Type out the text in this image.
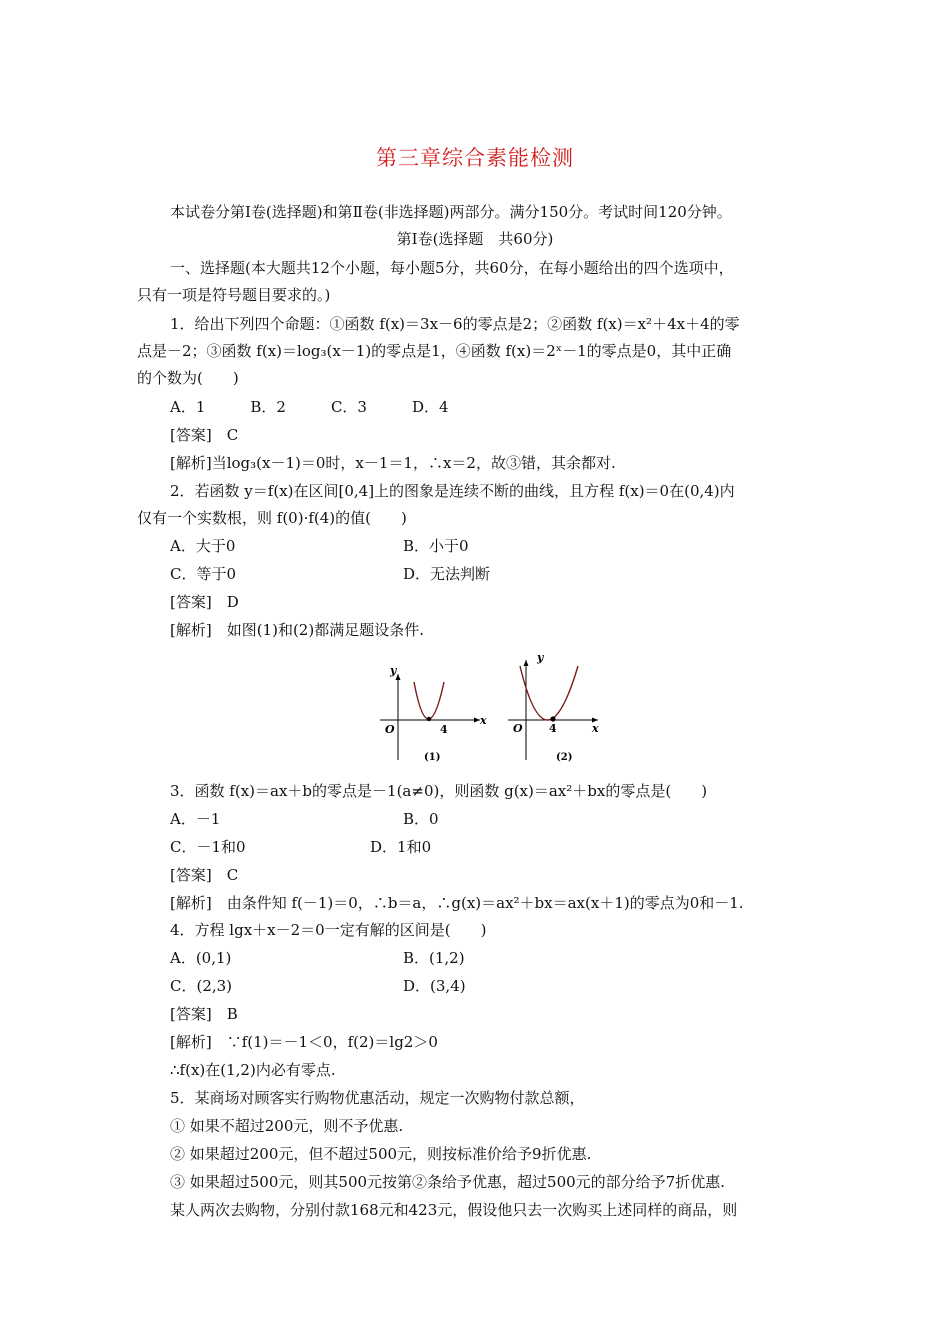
第三章综合素能检测
本试卷分第Ⅰ卷(选择题)和第Ⅱ卷(非选择题)两部分。满分150分。考试时间120分钟。
第Ⅰ卷(选择题　共60分)
一、选择题(本大题共12个小题，每小题5分，共60分，在每小题给出的四个选项中，
只有一项是符号题目要求的。)
1．给出下列四个命题：①函数 f(x)＝3x－6的零点是2；②函数 f(x)＝x²＋4x＋4的零
点是－2；③函数 f(x)＝log₃(x－1)的零点是1，④函数 f(x)＝2ˣ－1的零点是0，其中正确
的个数为(　　)
A．1　　　B．2　　　C．3　　　D．4
[答案]　C
[解析]当log₃(x－1)＝0时，x－1＝1，∴x＝2，故③错，其余都对.
2．若函数 y＝f(x)在区间[0,4]上的图象是连续不断的曲线，且方程 f(x)＝0在(0,4)内
仅有一个实数根，则 f(0)·f(4)的值(　　)
A．大于0	B．小于0
C．等于0	D．无法判断
[答案]　D
[解析]　如图(1)和(2)都满足题设条件.
y
x
O	4
(1)
y
x
O 4
(2)
3．函数 f(x)＝ax＋b的零点是－1(a≠0)，则函数 g(x)＝ax²＋bx的零点是(　　)
A．－1	B．0
C．－1和0	D．1和0
[答案]　C
[解析]　由条件知 f(－1)＝0，∴b＝a，∴g(x)＝ax²＋bx＝ax(x＋1)的零点为0和－1.
4．方程 lgx＋x－2＝0一定有解的区间是(　　)
A．(0,1)	B．(1,2)
C．(2,3)	D．(3,4)
[答案]　B
[解析]　∵f(1)＝－1＜0，f(2)＝lg2＞0
∴f(x)在(1,2)内必有零点.
5．某商场对顾客实行购物优惠活动，规定一次购物付款总额，
① 如果不超过200元，则不予优惠.
② 如果超过200元，但不超过500元，则按标准价给予9折优惠.
③ 如果超过500元，则其500元按第②条给予优惠，超过500元的部分给予7折优惠.
某人两次去购物，分别付款168元和423元，假设他只去一次购买上述同样的商品，则
